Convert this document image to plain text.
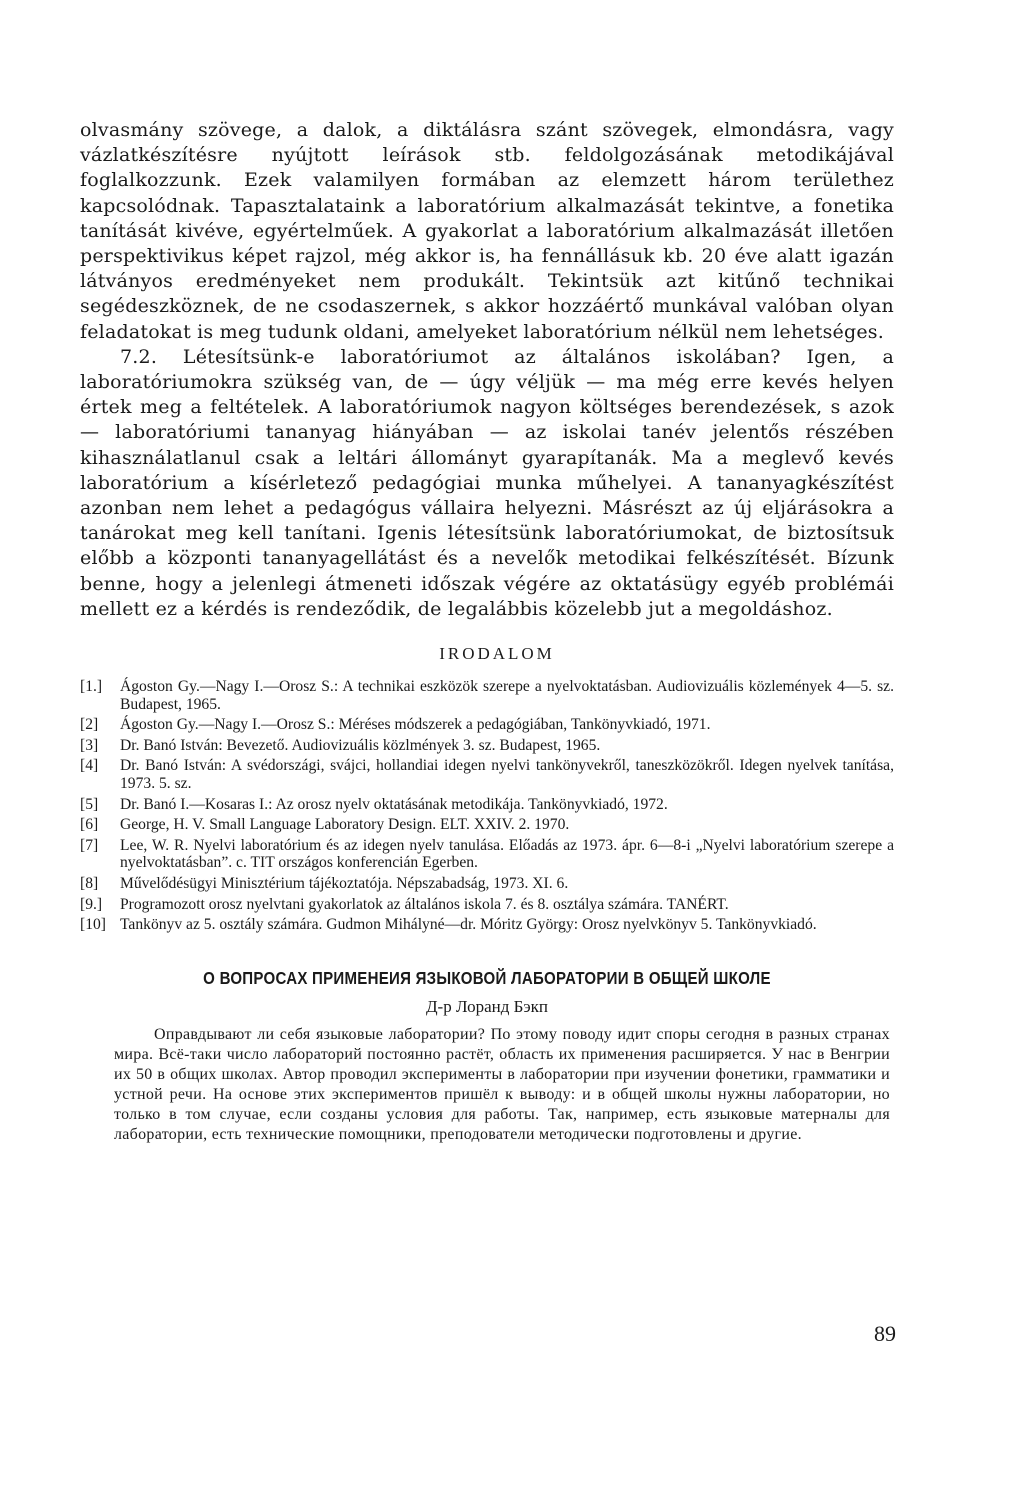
olvasmány szövege, a dalok, a diktálásra szánt szövegek, elmondásra, vagy vázlatkészítésre nyújtott leírások stb. feldolgozásának metodikájával foglalkozzunk. Ezek valamilyen formában az elemzett három területhez kapcsolódnak. Tapasztalataink a laboratórium alkalmazását tekintve, a fonetika tanítását kivéve, egyértelműek. A gyakorlat a laboratórium alkalmazását illetően perspektivikus képet rajzol, még akkor is, ha fennállásuk kb. 20 éve alatt igazán látványos eredményeket nem produkált. Tekintsük azt kitűnő technikai segédeszköznek, de ne csodaszernek, s akkor hozzáértő munkával valóban olyan feladatokat is meg tudunk oldani, amelyeket laboratórium nélkül nem lehetséges.

7.2. Létesítsünk-e laboratóriumot az általános iskolában? Igen, a laboratóriumokra szükség van, de — úgy véljük — ma még erre kevés helyen értek meg a feltételek. A laboratóriumok nagyon költséges berendezések, s azok — laboratóriumi tananyag hiányában — az iskolai tanév jelentős részében kihasználatlanul csak a leltári állományt gyarapítanák. Ma a meglevő kevés laboratórium a kísérletező pedagógiai munka műhelyei. A tananyagkészítést azonban nem lehet a pedagógus vállaira helyezni. Másrészt az új eljárásokra a tanárokat meg kell tanítani. Igenis létesítsünk laboratóriumokat, de biztosítsuk előbb a központi tananyagellátást és a nevelők metodikai felkészítését. Bízunk benne, hogy a jelenlegi átmeneti időszak végére az oktatásügy egyéb problémái mellett ez a kérdés is rendeződik, de legalábbis közelebb jut a megoldáshoz.

IRODALOM
[1.]	Ágoston Gy.—Nagy I.—Orosz S.: A technikai eszközök szerepe a nyelvoktatásban. Audiovizuális közlemények 4—5. sz. Budapest, 1965.
[2]	Ágoston Gy.—Nagy I.—Orosz S.: Méréses módszerek a pedagógiában, Tankönyvkiadó, 1971.
[3]	Dr. Banó István: Bevezető. Audiovizuális közlmények 3. sz. Budapest, 1965.
[4]	Dr. Banó István: A svédországi, svájci, hollandiai idegen nyelvi tankönyvekről, taneszközökről. Idegen nyelvek tanítása, 1973. 5. sz.
[5]	Dr. Banó I.—Kosaras I.: Az orosz nyelv oktatásának metodikája. Tankönyvkiadó, 1972.
[6]	George, H. V. Small Language Laboratory Design. ELT. XXIV. 2. 1970.
[7]	Lee, W. R. Nyelvi laboratórium és az idegen nyelv tanulása. Előadás az 1973. ápr. 6—8-i „Nyelvi laboratórium szerepe a nyelvoktatásban”. c. TIT országos konferencián Egerben.
[8]	Művelődésügyi Minisztérium tájékoztatója. Népszabadság, 1973. XI. 6.
[9.]	Programozott orosz nyelvtani gyakorlatok az általános iskola 7. és 8. osztálya számára. TANÉRT.
[10] Tankönyv az 5. osztály számára. Gudmon Mihályné—dr. Móritz György: Orosz nyelvkönyv 5. Tankönyvkiadó.
О ВОПРОСАХ ПРИМЕНЕИЯ ЯЗЫКОВОЙ ЛАБОРАТОРИИ В ОБЩЕЙ ШКОЛЕ
Д-р Лоранд Бэкп

Оправдывают ли себя языковые лаборатории? По этому поводу идит споры сегодня в разных странах мира. Всё-таки число лабораторий постоянно растёт, область их применения расширяется. У нас в Венгрии их 50 в общих школах. Автор проводил эксперименты в лаборатории при изучении фонетики, грамматики и устной речи. На основе этих экспериментов пришёл к выводу: и в общей школы нужны лаборатории, но только в том случае, если созданы условия для работы. Так, например, есть языковые матерналы для лаборатории, есть технические помощники, преподователи методически подготовлены и другие.

89
